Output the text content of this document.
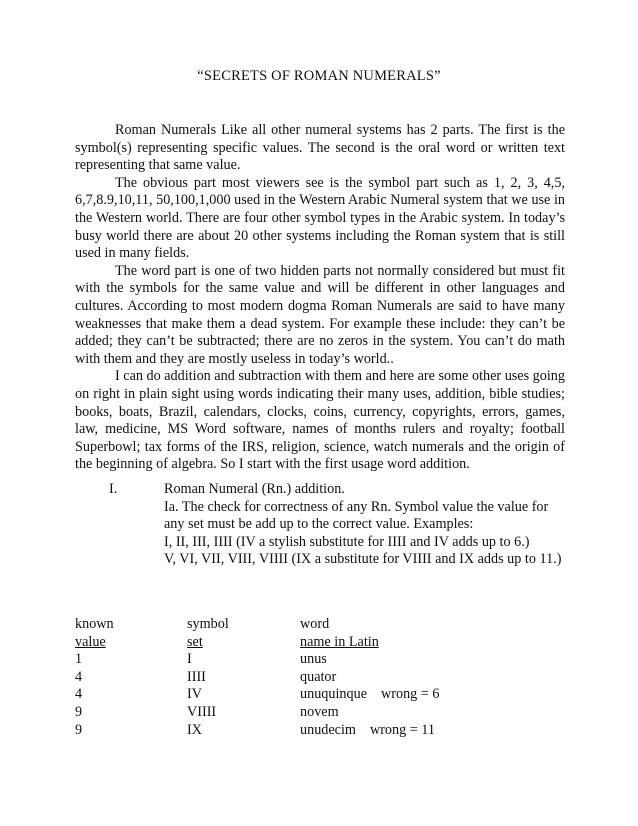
“SECRETS OF ROMAN NUMERALS”

Roman Numerals Like all other numeral systems has 2 parts. The first is the symbol(s) representing specific values. The second is the oral word or written text representing that same value.

The obvious part most viewers see is the symbol part such as 1, 2, 3, 4,5, 6,7,8.9,10,11, 50,100,1,000 used in the Western Arabic Numeral system that we use in the Western world. There are four other symbol types in the Arabic system. In today’s busy world there are about 20 other systems including the Roman system that is still used in many fields.

The word part is one of two hidden parts not normally considered but must fit with the symbols for the same value and will be different in other languages and cultures. According to most modern dogma Roman Numerals are said to have many weaknesses that make them a dead system. For example these include: they can’t be added; they can’t be subtracted; there are no zeros in the system. You can’t do math with them and they are mostly useless in today’s world..

I can do addition and subtraction with them and here are some other uses going on right in plain sight using words indicating their many uses, addition, bible studies; books, boats, Brazil, calendars, clocks, coins, currency, copyrights, errors, games, law, medicine, MS Word software, names of months rulers and royalty; football Superbowl; tax forms of the IRS, religion, science, watch numerals and the origin of the beginning of algebra. So I start with the first usage word addition.

I.	Roman Numeral (Rn.) addition.
Ia. The check for correctness of any Rn. Symbol value the value for
any set must be add up to the correct value. Examples:
I, II, III, IIII (IV a stylish substitute for IIII and IV adds up to 6.)
V, VI, VII, VIII, VIIII (IX a substitute for VIIII and IX adds up to 11.)
known	symbol	word
value	set	name in Latin
1	I	unus
4	IIII	quator
4	IV	unuquinque wrong = 6
9	VIIII	novem
9	IX	unudecim wrong = 11
